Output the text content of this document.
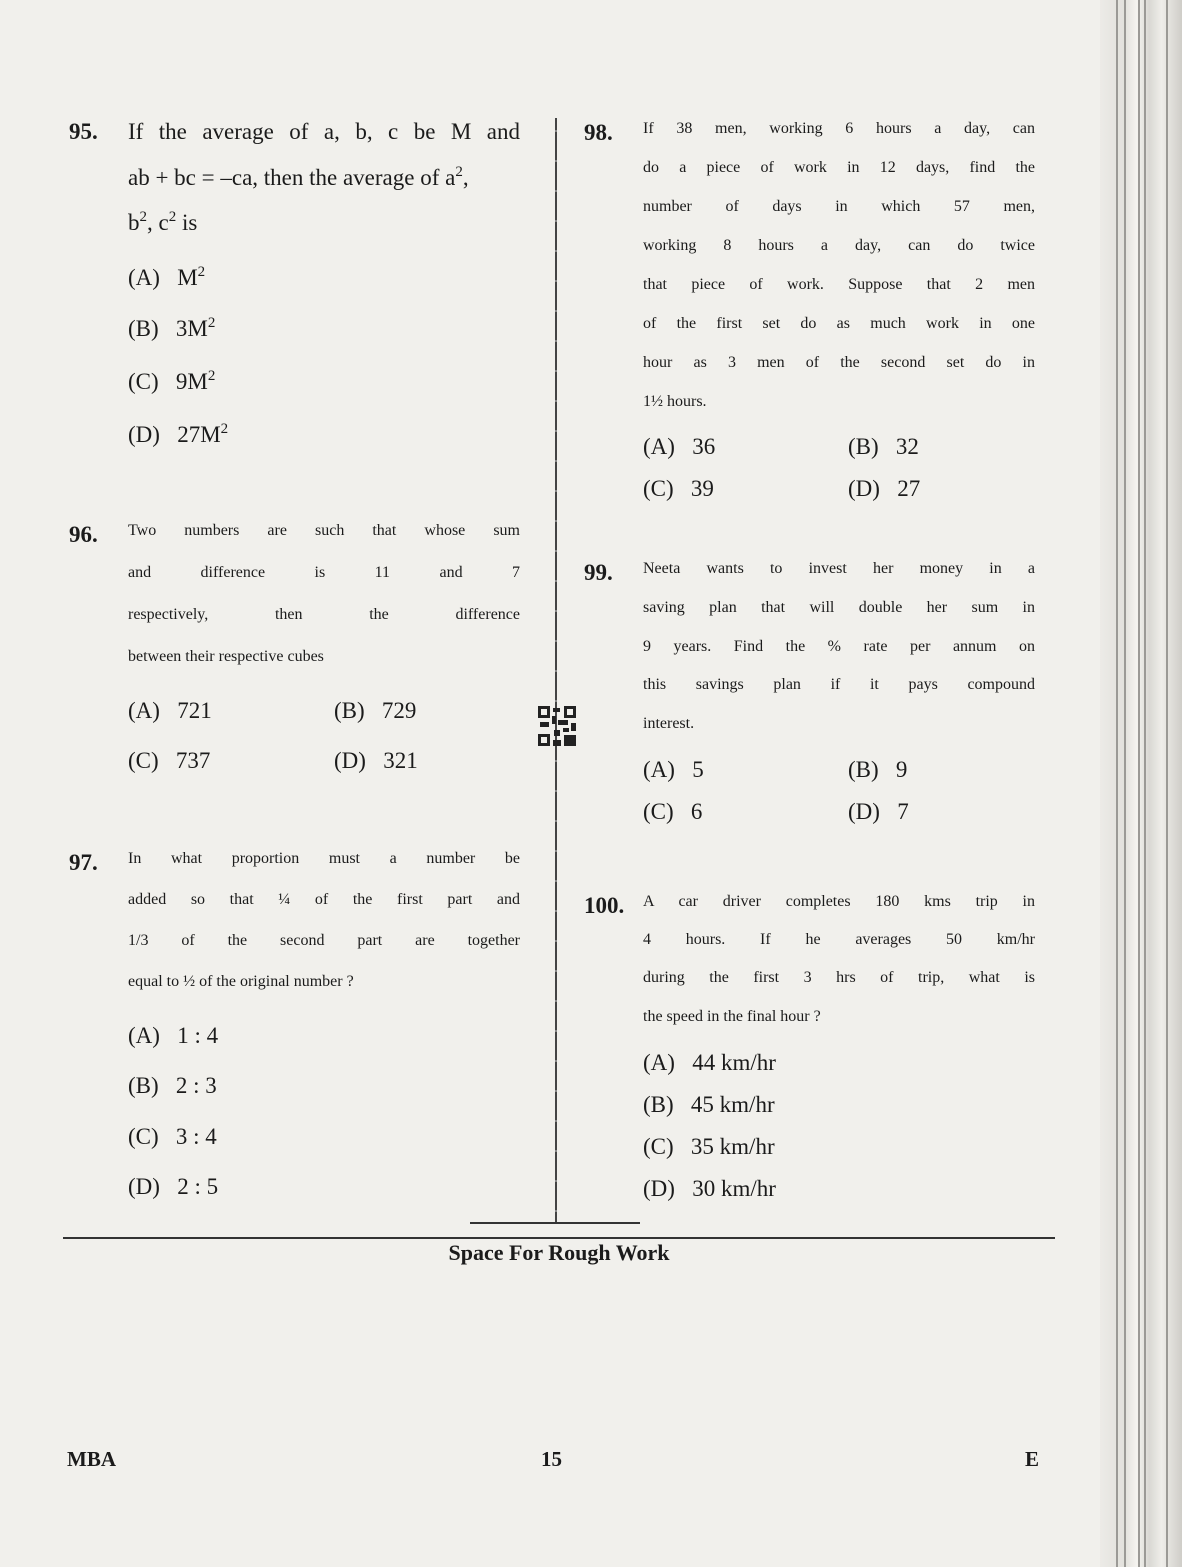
95. If the average of a, b, c be M and
ab + bc = –ca, then the average of $a^2$,
$b^2$, $c^2$ is
(A) $M^2$
(B) $3M^2$
(C) $9M^2$
(D) $27M^2$
96. Two numbers are such that whose sum
and difference is 11 and 7
respectively, then the difference
between their respective cubes
(A) 721	(B) 729
(C) 737	(D) 321
97. In what proportion must a number be
added so that ¼ of the first part and
1/3 of the second part are together
equal to ½ of the original number ?
(A) 1 : 4
(B) 2 : 3
(C) 3 : 4
(D) 2 : 5
98. If 38 men, working 6 hours a day, can
do a piece of work in 12 days, find the
number of days in which 57 men,
working 8 hours a day, can do twice
that piece of work. Suppose that 2 men
of the first set do as much work in one
hour as 3 men of the second set do in
1½ hours.
(A) 36	(B) 32
(C) 39	(D) 27
99. Neeta wants to invest her money in a
saving plan that will double her sum in
9 years. Find the % rate per annum on
this savings plan if it pays compound
interest.
(A) 5	(B) 9
(C) 6	(D) 7
100. A car driver completes 180 kms trip in
4 hours. If he averages 50 km/hr
during the first 3 hrs of trip, what is
the speed in the final hour ?
(A) 44 km/hr
(B) 45 km/hr
(C) 35 km/hr
(D) 30 km/hr
Space For Rough Work
MBA	15	E
